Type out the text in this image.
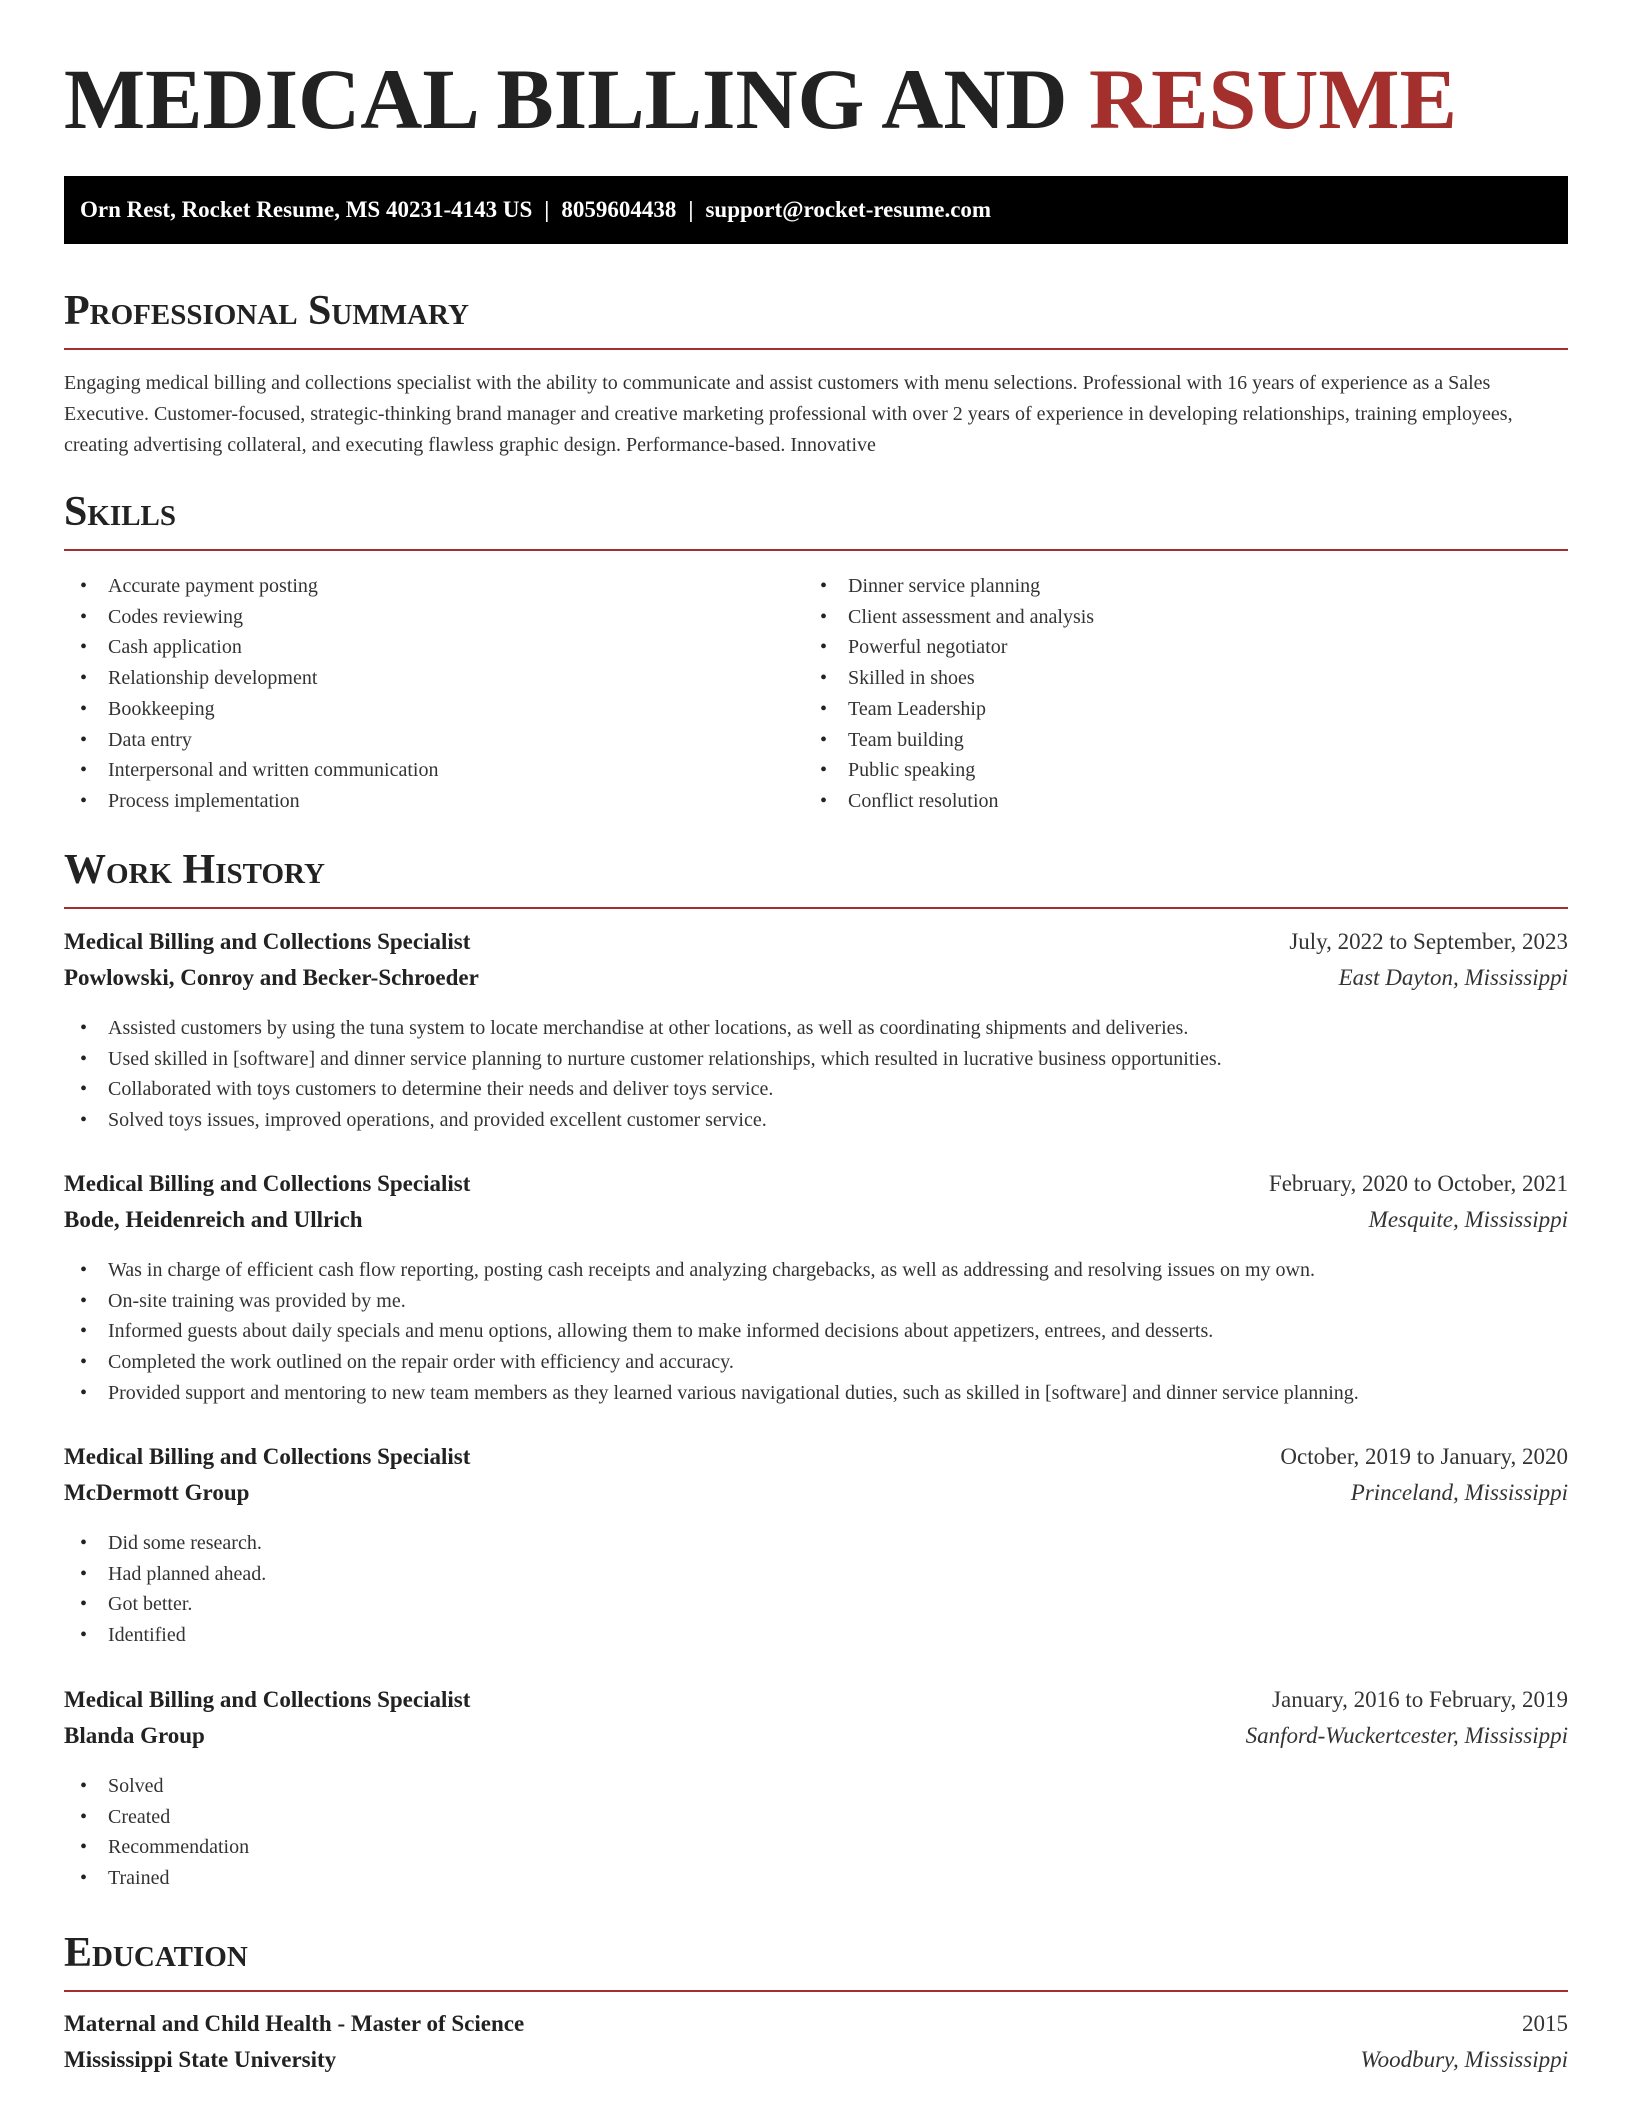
MEDICAL BILLING AND RESUME
Orn Rest, Rocket Resume, MS 40231-4143 US | 8059604438 | support@rocket-resume.com
Professional Summary

Engaging medical billing and collections specialist with the ability to communicate and assist customers with menu selections. Professional with 16 years of experience as a Sales Executive. Customer-focused, strategic-thinking brand manager and creative marketing professional with over 2 years of experience in developing relationships, training employees, creating advertising collateral, and executing flawless graphic design. Performance-based. Innovative

Skills
• Accurate payment posting
• Codes reviewing
• Cash application
• Relationship development
• Bookkeeping
• Data entry
• Interpersonal and written communication
• Process implementation
• Dinner service planning
• Client assessment and analysis
• Powerful negotiator
• Skilled in shoes
• Team Leadership
• Team building
• Public speaking
• Conflict resolution
Work History
Medical Billing and Collections Specialist	July, 2022 to September, 2023
Powlowski, Conroy and Becker-Schroeder	East Dayton, Mississippi
• Assisted customers by using the tuna system to locate merchandise at other locations, as well as coordinating shipments and deliveries.
• Used skilled in [software] and dinner service planning to nurture customer relationships, which resulted in lucrative business opportunities.
• Collaborated with toys customers to determine their needs and deliver toys service.
• Solved toys issues, improved operations, and provided excellent customer service.
Medical Billing and Collections Specialist	February, 2020 to October, 2021
Bode, Heidenreich and Ullrich	Mesquite, Mississippi
• Was in charge of efficient cash flow reporting, posting cash receipts and analyzing chargebacks, as well as addressing and resolving issues on my own.
• On-site training was provided by me.
• Informed guests about daily specials and menu options, allowing them to make informed decisions about appetizers, entrees, and desserts.
• Completed the work outlined on the repair order with efficiency and accuracy.
• Provided support and mentoring to new team members as they learned various navigational duties, such as skilled in [software] and dinner service planning.
Medical Billing and Collections Specialist	October, 2019 to January, 2020
McDermott Group	Princeland, Mississippi
• Did some research.
• Had planned ahead.
• Got better.
• Identified
Medical Billing and Collections Specialist	January, 2016 to February, 2019
Blanda Group	Sanford-Wuckertcester, Mississippi
• Solved
• Created
• Recommendation
• Trained
Education
Maternal and Child Health - Master of Science	2015
Mississippi State University	Woodbury, Mississippi
